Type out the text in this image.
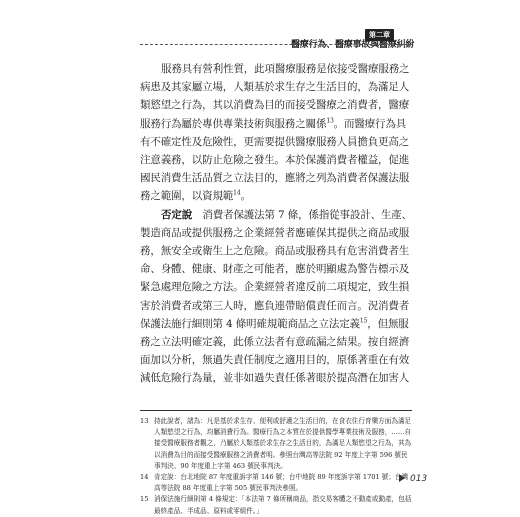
第二章
醫療行為、醫療事故與醫療糾紛

服務具有營利性質，此項醫療服務是依接受醫療服務之病患及其家屬立場，人類基於求生存之生活目的，為滿足人類慾望之行為，其以消費為目的而接受醫療之消費者，醫療服務行為屬於專供專業技術與服務之關係$^{13}$。而醫療行為具有不確定性及危險性，更需要提供醫療服務人員擔負更高之注意義務，以防止危險之發生。本於保護消費者權益，促進國民消費生活品質之立法目的，應將之列為消費者保護法服務之範圍，以資規範$^{14}$。

否定說　消費者保護法第 7 條，係指從事設計、生產、製造商品或提供服務之企業經營者應確保其提供之商品或服務，無安全或衛生上之危險。商品或服務具有危害消費者生命、身體、健康、財產之可能者，應於明顯處為警告標示及緊急處理危險之方法。企業經營者違反前二項規定，致生損害於消費者或第三人時，應負連帶賠償責任而言。況消費者保護法施行細則第 4 條明確規範商品之立法定義$^{15}$，但無服務之立法明確定義，此係立法者有意疏漏之結果。按自經濟面加以分析，無過失責任制度之適用目的，原係著重在有效減低危險行為量，並非如過失責任係著眼於提高潛在加害人

13 持此說者，諸為：凡是基於求生存、便利或舒適之生活目的，在食衣住行育樂方面為滿足人類慾望之行為，均屬消費行為。醫療行為之本質在於提供醫學專業技術及服務，……自接受醫療服務者觀之，乃屬於人類基於求生存之生活目的，為滿足人類慾望之行為，其為以消費為目的而接受醫療服務之消費者明。參照台灣高等法院 92 年度上字第 596 號民事判決、90 年度重上字第 463 號民事判決。
14 肯定說：台北地院 87 年度重訴字第 146 號；台中地院 89 年度訴字第 1701 號；台灣高等法院 88 年度重上字第 505 號民事判決參照。
15 消保法施行細則第 4 條規定：「本法第 7 條所稱商品，指交易客體之不動產或動產，包括最終產品、半成品、原料或零組件。」
013
